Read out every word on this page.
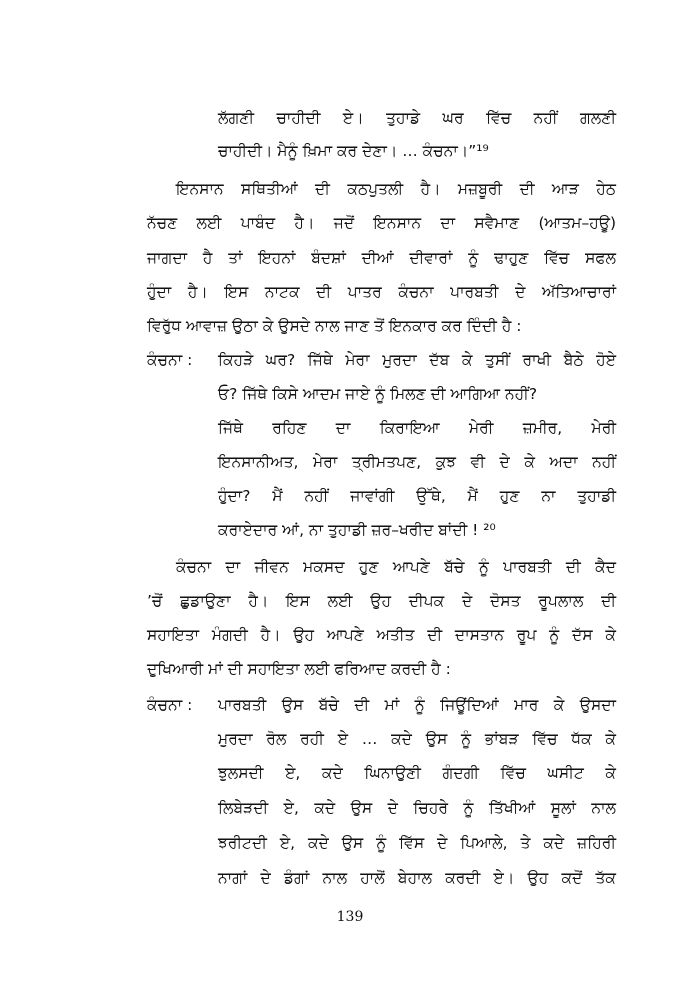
ਲੱਗਣੀ ਚਾਹੀਦੀ ਏ। ਤੁਹਾਡੇ ਘਰ ਵਿੱਚ ਨਹੀਂ ਗਲਣੀ
ਚਾਹੀਦੀ। ਮੈਨੂੰ ਖ਼ਿਮਾ ਕਰ ਦੇਣਾ। … ਕੰਚਨਾ।”¹⁹
ਇਨਸਾਨ ਸਥਿਤੀਆਂ ਦੀ ਕਠਪੁਤਲੀ ਹੈ। ਮਜ਼ਬੂਰੀ ਦੀ ਆੜ ਹੇਠ
ਨੱਚਣ ਲਈ ਪਾਬੰਦ ਹੈ। ਜਦੋਂ ਇਨਸਾਨ ਦਾ ਸਵੈਮਾਣ (ਆਤਮ–ਹਊ)
ਜਾਗਦਾ ਹੈ ਤਾਂ ਇਹਨਾਂ ਬੰਦਸ਼ਾਂ ਦੀਆਂ ਦੀਵਾਰਾਂ ਨੂੰ ਢਾਹੁਣ ਵਿੱਚ ਸਫਲ
ਹੁੰਦਾ ਹੈ। ਇਸ ਨਾਟਕ ਦੀ ਪਾਤਰ ਕੰਚਨਾ ਪਾਰਬਤੀ ਦੇ ਅੱਤਿਆਚਾਰਾਂ
ਵਿਰੁੱਧ ਆਵਾਜ਼ ਉਠਾ ਕੇ ਉਸਦੇ ਨਾਲ ਜਾਣ ਤੋਂ ਇਨਕਾਰ ਕਰ ਦਿੰਦੀ ਹੈ :
ਕੰਚਨਾ : ਕਿਹੜੇ ਘਰ? ਜਿੱਥੇ ਮੇਰਾ ਮੁਰਦਾ ਦੱਬ ਕੇ ਤੁਸੀਂ ਰਾਖੀ ਬੈਠੇ ਹੋਏ
ਓ? ਜਿੱਥੇ ਕਿਸੇ ਆਦਮ ਜਾਏ ਨੂੰ ਮਿਲਣ ਦੀ ਆਗਿਆ ਨਹੀਂ?
ਜਿੱਥੇ ਰਹਿਣ ਦਾ ਕਿਰਾਇਆ ਮੇਰੀ ਜ਼ਮੀਰ, ਮੇਰੀ
ਇਨਸਾਨੀਅਤ, ਮੇਰਾ ਤ੍ਰੀਮਤਪਣ, ਕੁਝ ਵੀ ਦੇ ਕੇ ਅਦਾ ਨਹੀਂ
ਹੁੰਦਾ? ਮੈਂ ਨਹੀਂ ਜਾਵਾਂਗੀ ਉੱਥੇ, ਮੈਂ ਹੁਣ ਨਾ ਤੁਹਾਡੀ
ਕਰਾਏਦਾਰ ਆਂ, ਨਾ ਤੁਹਾਡੀ ਜ਼ਰ–ਖਰੀਦ ਬਾਂਦੀ ! ²⁰
ਕੰਚਨਾ ਦਾ ਜੀਵਨ ਮਕਸਦ ਹੁਣ ਆਪਣੇ ਬੱਚੇ ਨੂੰ ਪਾਰਬਤੀ ਦੀ ਕੈਦ
’ਚੋਂ ਛੁਡਾਉਣਾ ਹੈ। ਇਸ ਲਈ ਉਹ ਦੀਪਕ ਦੇ ਦੋਸਤ ਰੂਪਲਾਲ ਦੀ
ਸਹਾਇਤਾ ਮੰਗਦੀ ਹੈ। ਉਹ ਆਪਣੇ ਅਤੀਤ ਦੀ ਦਾਸਤਾਨ ਰੂਪ ਨੂੰ ਦੱਸ ਕੇ
ਦੁਖਿਆਰੀ ਮਾਂ ਦੀ ਸਹਾਇਤਾ ਲਈ ਫਰਿਆਦ ਕਰਦੀ ਹੈ :
ਕੰਚਨਾ : ਪਾਰਬਤੀ ਉਸ ਬੱਚੇ ਦੀ ਮਾਂ ਨੂੰ ਜਿਊਂਦਿਆਂ ਮਾਰ ਕੇ ਉਸਦਾ
ਮੁਰਦਾ ਰੋਲ ਰਹੀ ਏ … ਕਦੇ ਉਸ ਨੂੰ ਭਾਂਬੜ ਵਿੱਚ ਧੱਕ ਕੇ
ਝੁਲਸਦੀ ਏ, ਕਦੇ ਘਿਨਾਉਣੀ ਗੰਦਗੀ ਵਿੱਚ ਘਸੀਟ ਕੇ
ਲਿਬੇੜਦੀ ਏ, ਕਦੇ ਉਸ ਦੇ ਚਿਹਰੇ ਨੂੰ ਤਿੱਖੀਆਂ ਸੂਲਾਂ ਨਾਲ
ਝਰੀਟਦੀ ਏ, ਕਦੇ ਉਸ ਨੂੰ ਵਿੱਸ ਦੇ ਪਿਆਲੇ, ਤੇ ਕਦੇ ਜ਼ਹਿਰੀ
ਨਾਗਾਂ ਦੇ ਡੰਗਾਂ ਨਾਲ ਹਾਲੋਂ ਬੇਹਾਲ ਕਰਦੀ ਏ। ਉਹ ਕਦੋਂ ਤੱਕ
139
